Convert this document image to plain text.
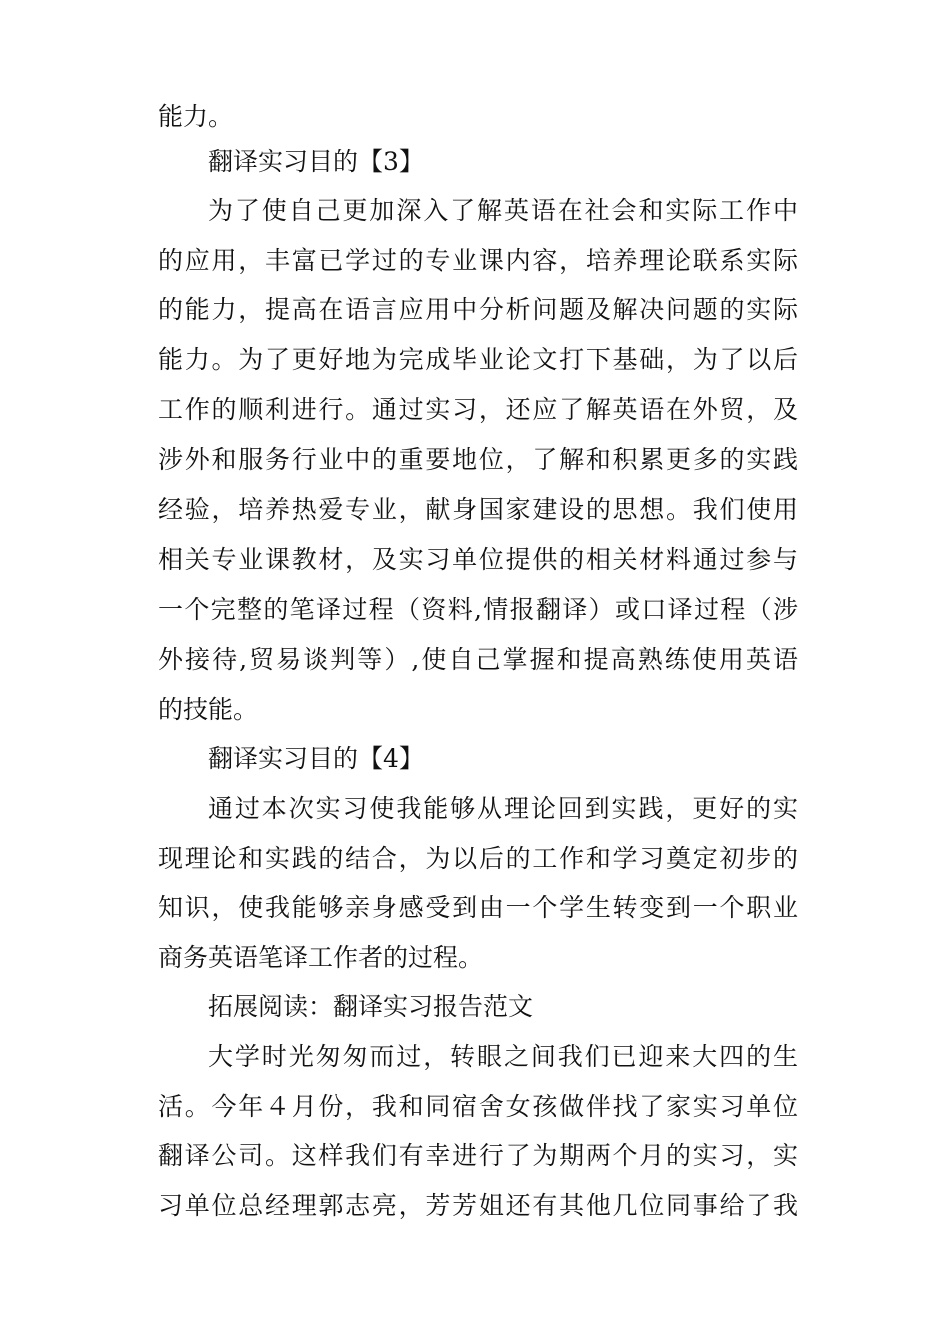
能力。
翻译实习目的【3】
为了使自己更加深入了解英语在社会和实际工作中
的应用，丰富已学过的专业课内容，培养理论联系实际
的能力，提高在语言应用中分析问题及解决问题的实际
能力。为了更好地为完成毕业论文打下基础，为了以后
工作的顺利进行。通过实习，还应了解英语在外贸，及
涉外和服务行业中的重要地位，了解和积累更多的实践
经验，培养热爱专业，献身国家建设的思想。我们使用
相关专业课教材，及实习单位提供的相关材料通过参与
一个完整的笔译过程（资料,情报翻译）或口译过程（涉
外接待,贸易谈判等）,使自己掌握和提高熟练使用英语
的技能。
翻译实习目的【4】
通过本次实习使我能够从理论回到实践，更好的实
现理论和实践的结合，为以后的工作和学习奠定初步的
知识，使我能够亲身感受到由一个学生转变到一个职业
商务英语笔译工作者的过程。
拓展阅读：翻译实习报告范文
大学时光匆匆而过，转眼之间我们已迎来大四的生
活。今年４月份，我和同宿舍女孩做伴找了家实习单位
翻译公司。这样我们有幸进行了为期两个月的实习，实
习单位总经理郭志亮，芳芳姐还有其他几位同事给了我
